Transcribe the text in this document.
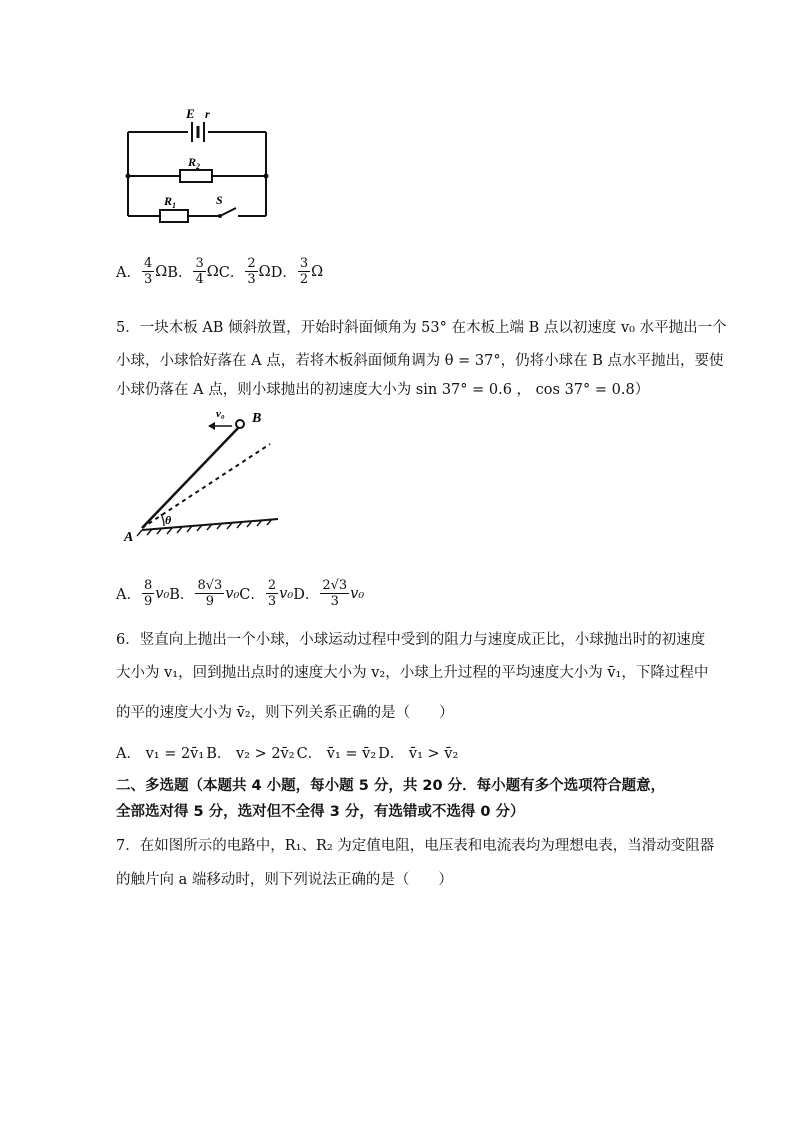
E r
$R_2$
$R_1$	S
A． $\frac{4}{3}$ Ω B． $\frac{3}{4}$ Ω C． $\frac{2}{3}$ Ω D． $\frac{3}{2}$ Ω
5．一块木板 AB 倾斜放置，开始时斜面倾角为 53° 在木板上端 B 点以初速度 v₀ 水平抛出一个
小球，小球恰好落在 A 点，若将木板斜面倾角调为 θ = 37°，仍将小球在 B 点水平抛出，要使
小球仍落在 A 点，则小球抛出的初速度大小为 sin 37° = 0.6 ， cos 37° = 0.8）
v₀ B
A
θ
A． $\frac{8}{9} v_0$ B． $\frac{8√3}{9} v_0$ C． $\frac{2}{3} v_0$ D． $\frac{2√3}{3} v_0$
6．竖直向上抛出一个小球，小球运动过程中受到的阻力与速度成正比，小球抛出时的初速度
大小为 v₁，回到抛出点时的速度大小为 v₂，小球上升过程的平均速度大小为 v̄₁，下降过程中
的平的速度大小为 v̄₂，则下列关系正确的是（　　）
A． v₁ = 2v̄₁ B． v₂ > 2v̄₂ C． v̄₁ = v̄₂ D． v̄₁ > v̄₂
二、多选题（本题共 4 小题，每小题 5 分，共 20 分．每小题有多个选项符合题意，
全部选对得 5 分，选对但不全得 3 分，有选错或不选得 0 分）
7．在如图所示的电路中，R₁、R₂ 为定值电阻，电压表和电流表均为理想电表，当滑动变阻器
的触片向 a 端移动时，则下列说法正确的是（　　）
